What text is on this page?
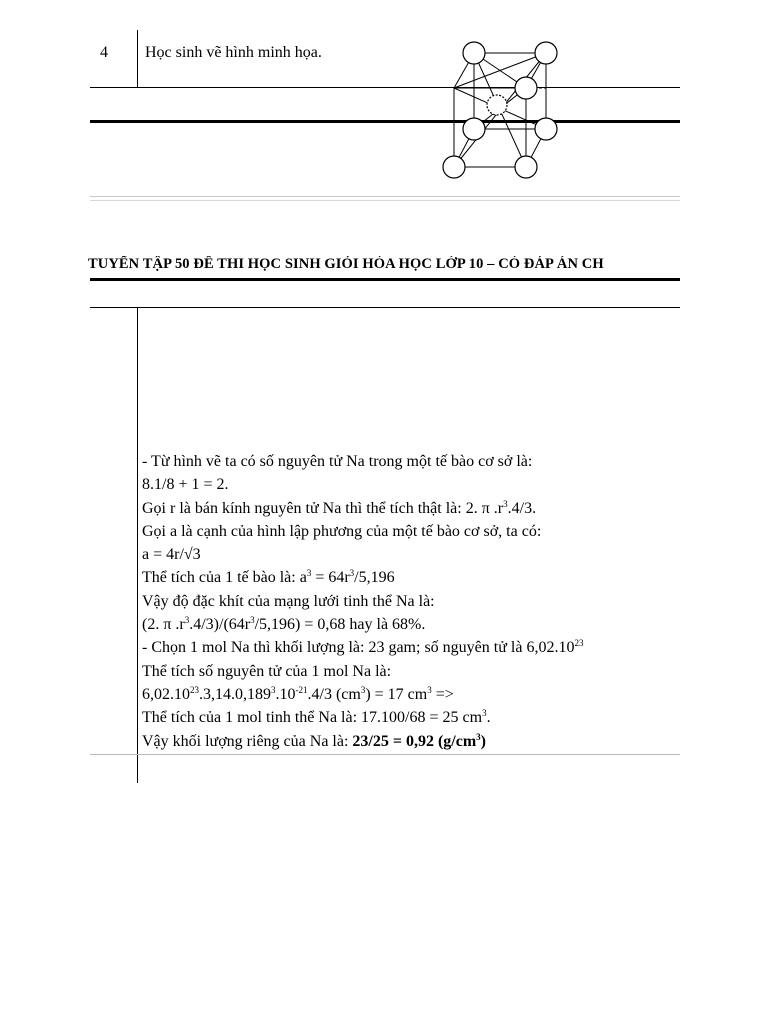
4 Học sinh vẽ hình minh họa.
TUYỂN TẬP 50 ĐỀ THI HỌC SINH GIỎI HÓA HỌC LỚP 10 – CÓ ĐÁP ÁN CH

- Từ hình vẽ ta có số nguyên tử Na trong một tế bào cơ sở là:

8.1/8 + 1 = 2.

Gọi r là bán kính nguyên tử Na thì thể tích thật là: 2. π $.r^3.4/3$.

Gọi a là cạnh của hình lập phương của một tế bào cơ sở, ta có:

a = 4r/√3

Thể tích của 1 tế bào là: $a^3 = 64r^3/5,196$

Vậy độ đặc khít của mạng lưới tinh thể Na là:

(2. π $.r^3.4/3)/(64r^3/5,196) = 0,68$ hay là 68%.

- Chọn 1 mol Na thì khối lượng là: 23 gam; số nguyên tử là 6,02.10$^{23}$

Thể tích số nguyên tử của 1 mol Na là:

$6,02.10^{23}.3,14.0,189^3.10^{-21}.4/3$ $(cm^3) = 17$ $cm^3$ =>

Thể tích của 1 mol tinh thể Na là: 17.100/68 = 25 $cm^3$.

Vậy khối lượng riêng của Na là: 23/25 = 0,92 $(g/cm^3)$
